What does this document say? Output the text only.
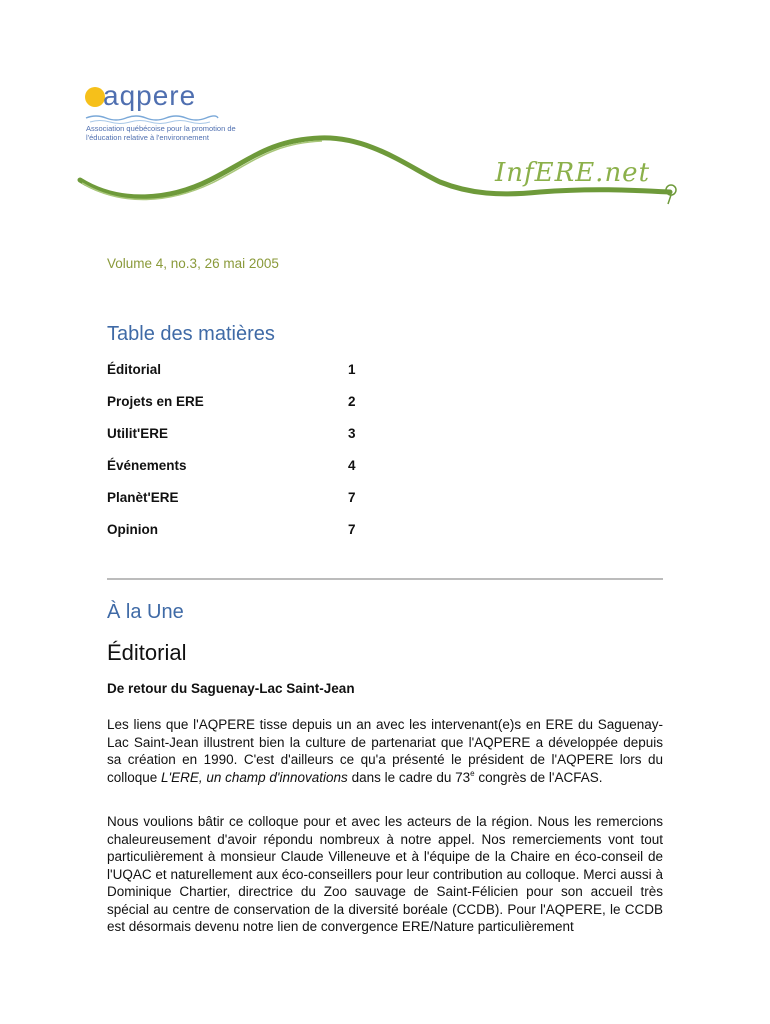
aqpere
Association québécoise pour la promotion de l'éducation relative à l'environnement
InfERE.net
Volume 4, no.3, 26 mai 2005
Table des matières
Éditorial	1
Projets en ERE	2
Utilit'ERE	3
Événements	4
Planèt'ERE	7
Opinion	7
À la Une
Éditorial
De retour du Saguenay-Lac Saint-Jean

Les liens que l'AQPERE tisse depuis un an avec les intervenant(e)s en ERE du Saguenay-Lac Saint-Jean illustrent bien la culture de partenariat que l'AQPERE a développée depuis sa création en 1990. C'est d'ailleurs ce qu'a présenté le président de l'AQPERE lors du colloque L'ERE, un champ d'innovations dans le cadre du 73e congrès de l'ACFAS.

Nous voulions bâtir ce colloque pour et avec les acteurs de la région. Nous les remercions chaleureusement d'avoir répondu nombreux à notre appel. Nos remerciements vont tout particulièrement à monsieur Claude Villeneuve et à l'équipe de la Chaire en éco-conseil de l'UQAC et naturellement aux éco-conseillers pour leur contribution au colloque. Merci aussi à Dominique Chartier, directrice du Zoo sauvage de Saint-Félicien pour son accueil très spécial au centre de conservation de la diversité boréale (CCDB). Pour l'AQPERE, le CCDB est désormais devenu notre lien de convergence ERE/Nature particulièrement
